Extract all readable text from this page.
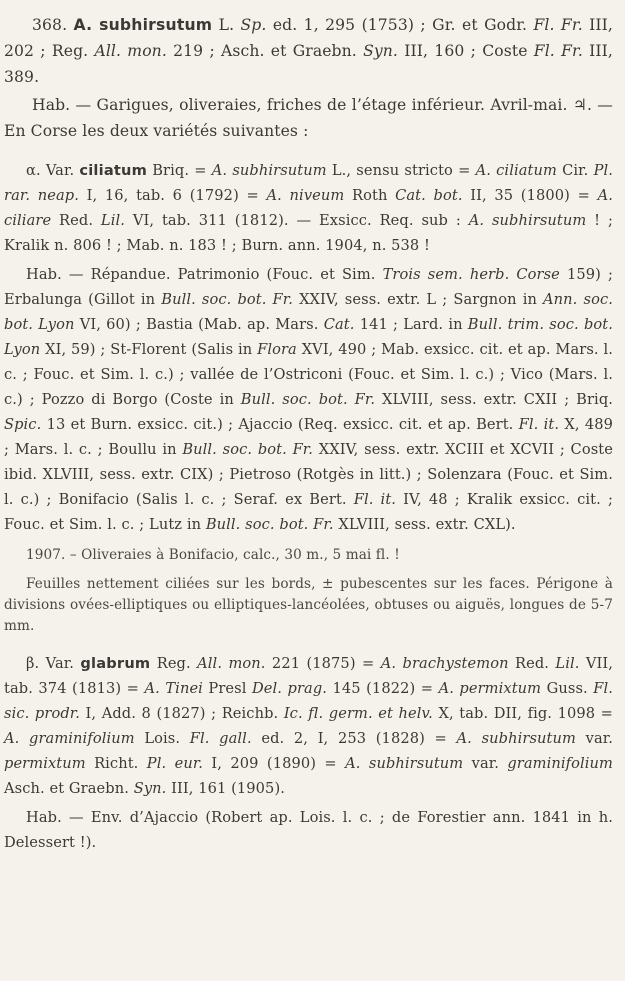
368. A. subhirsutum L. Sp. ed. 1, 295 (1753) ; Gr. et Godr. Fl. Fr. III, 202 ; Reg. All. mon. 219 ; Asch. et Graebn. Syn. III, 160 ; Coste Fl. Fr. III, 389.

Hab. — Garigues, oliveraies, friches de l’étage inférieur. Avril-mai. ♃. — En Corse les deux variétés suivantes :

α. Var. ciliatum Briq. = A. subhirsutum L., sensu stricto = A. ciliatum Cir. Pl. rar. neap. I, 16, tab. 6 (1792) = A. niveum Roth Cat. bot. II, 35 (1800) = A. ciliare Red. Lil. VI, tab. 311 (1812). — Exsicc. Req. sub : A. subhirsutum ! ; Kralik n. 806 ! ; Mab. n. 183 ! ; Burn. ann. 1904, n. 538 !

Hab. — Répandue. Patrimonio (Fouc. et Sim. Trois sem. herb. Corse 159) ; Erbalunga (Gillot in Bull. soc. bot. Fr. XXIV, sess. extr. L ; Sargnon in Ann. soc. bot. Lyon VI, 60) ; Bastia (Mab. ap. Mars. Cat. 141 ; Lard. in Bull. trim. soc. bot. Lyon XI, 59) ; St-Florent (Salis in Flora XVI, 490 ; Mab. exsicc. cit. et ap. Mars. l. c. ; Fouc. et Sim. l. c.) ; vallée de l’Ostriconi (Fouc. et Sim. l. c.) ; Vico (Mars. l. c.) ; Pozzo di Borgo (Coste in Bull. soc. bot. Fr. XLVIII, sess. extr. CXII ; Briq. Spic. 13 et Burn. exsicc. cit.) ; Ajaccio (Req. exsicc. cit. et ap. Bert. Fl. it. X, 489 ; Mars. l. c. ; Boullu in Bull. soc. bot. Fr. XXIV, sess. extr. XCIII et XCVII ; Coste ibid. XLVIII, sess. extr. CIX) ; Pietroso (Rotgès in litt.) ; Solenzara (Fouc. et Sim. l. c.) ; Bonifacio (Salis l. c. ; Seraf. ex Bert. Fl. it. IV, 48 ; Kralik exsicc. cit. ; Fouc. et Sim. l. c. ; Lutz in Bull. soc. bot. Fr. XLVIII, sess. extr. CXL).

1907. – Oliveraies à Bonifacio, calc., 30 m., 5 mai fl. !

Feuilles nettement ciliées sur les bords, ± pubescentes sur les faces. Périgone à divisions ovées-elliptiques ou elliptiques-lancéolées, obtuses ou aiguës, longues de 5-7 mm.

β. Var. glabrum Reg. All. mon. 221 (1875) = A. brachystemon Red. Lil. VII, tab. 374 (1813) = A. Tinei Presl Del. prag. 145 (1822) = A. permixtum Guss. Fl. sic. prodr. I, Add. 8 (1827) ; Reichb. Ic. fl. germ. et helv. X, tab. DII, fig. 1098 = A. graminifolium Lois. Fl. gall. ed. 2, I, 253 (1828) = A. subhirsutum var. permixtum Richt. Pl. eur. I, 209 (1890) = A. subhirsutum var. graminifolium Asch. et Graebn. Syn. III, 161 (1905).

Hab. — Env. d’Ajaccio (Robert ap. Lois. l. c. ; de Forestier ann. 1841 in h. Delessert !).
